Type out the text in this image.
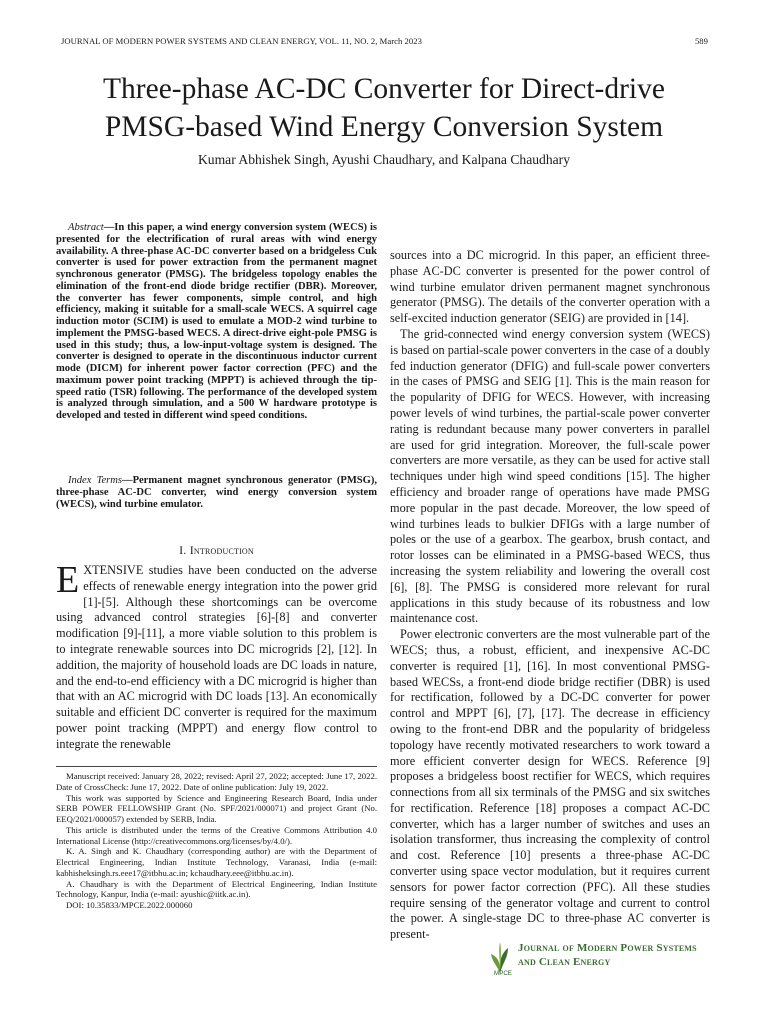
JOURNAL OF MODERN POWER SYSTEMS AND CLEAN ENERGY, VOL. 11, NO. 2, March 2023	589
Three-phase AC-DC Converter for Direct-drive
PMSG-based Wind Energy Conversion System
Kumar Abhishek Singh, Ayushi Chaudhary, and Kalpana Chaudhary
Abstract—In this paper, a wind energy conversion system (WECS) is presented for the electrification of rural areas with wind energy availability. A three-phase AC-DC converter based on a bridgeless Cuk converter is used for power extraction from the permanent magnet synchronous generator (PMSG). The bridgeless topology enables the elimination of the front-end diode bridge rectifier (DBR). Moreover, the converter has fewer components, simple control, and high efficiency, making it suitable for a small-scale WECS. A squirrel cage induction motor (SCIM) is used to emulate a MOD-2 wind turbine to implement the PMSG-based WECS. A direct-drive eight-pole PMSG is used in this study; thus, a low-input-voltage system is designed. The converter is designed to operate in the discontinuous inductor current mode (DICM) for inherent power factor correction (PFC) and the maximum power point tracking (MPPT) is achieved through the tip-speed ratio (TSR) following. The performance of the developed system is analyzed through simulation, and a 500 W hardware prototype is developed and tested in different wind speed conditions.
Index Terms—Permanent magnet synchronous generator (PMSG), three-phase AC-DC converter, wind energy conversion system (WECS), wind turbine emulator.
I. Introduction
EXTENSIVE studies have been conducted on the adverse effects of renewable energy integration into the power grid [1]-[5]. Although these shortcomings can be overcome using advanced control strategies [6]-[8] and converter modification [9]-[11], a more viable solution to this problem is to integrate renewable sources into DC microgrids [2], [12]. In addition, the majority of household loads are DC loads in nature, and the end-to-end efficiency with a DC microgrid is higher than that with an AC microgrid with DC loads [13]. An economically suitable and efficient DC converter is required for the maximum power point tracking (MPPT) and energy flow control to integrate the renewable

Manuscript received: January 28, 2022; revised: April 27, 2022; accepted: June 17, 2022. Date of CrossCheck: June 17, 2022. Date of online publication: July 19, 2022.

This work was supported by Science and Engineering Research Board, India under SERB POWER FELLOWSHIP Grant (No. SPF/2021/000071) and project Grant (No. EEQ/2021/000057) extended by SERB, India.

This article is distributed under the terms of the Creative Commons Attribution 4.0 International License (http://creativecommons.org/licenses/by/4.0/).

K. A. Singh and K. Chaudhary (corresponding author) are with the Department of Electrical Engineering, Indian Institute Technology, Varanasi, India (e-mail: kabhisheksingh.rs.eee17@itbhu.ac.in; kchaudhary.eee@itbhu.ac.in).

A. Chaudhary is with the Department of Electrical Engineering, Indian Institute Technology, Kanpur, India (e-mail: ayushic@iitk.ac.in).

DOI: 10.35833/MPCE.2022.000060

sources into a DC microgrid. In this paper, an efficient three-phase AC-DC converter is presented for the power control of wind turbine emulator driven permanent magnet synchronous generator (PMSG). The details of the converter operation with a self-excited induction generator (SEIG) are provided in [14].

The grid-connected wind energy conversion system (WECS) is based on partial-scale power converters in the case of a doubly fed induction generator (DFIG) and full-scale power converters in the cases of PMSG and SEIG [1]. This is the main reason for the popularity of DFIG for WECS. However, with increasing power levels of wind turbines, the partial-scale power converter rating is redundant because many power converters in parallel are used for grid integration. Moreover, the full-scale power converters are more versatile, as they can be used for active stall techniques under high wind speed conditions [15]. The higher efficiency and broader range of operations have made PMSG more popular in the past decade. Moreover, the low speed of wind turbines leads to bulkier DFIGs with a large number of poles or the use of a gearbox. The gearbox, brush contact, and rotor losses can be eliminated in a PMSG-based WECS, thus increasing the system reliability and lowering the overall cost [6], [8]. The PMSG is considered more relevant for rural applications in this study because of its robustness and low maintenance cost.

Power electronic converters are the most vulnerable part of the WECS; thus, a robust, efficient, and inexpensive AC-DC converter is required [1], [16]. In most conventional PMSG-based WECSs, a front-end diode bridge rectifier (DBR) is used for rectification, followed by a DC-DC converter for power control and MPPT [6], [7], [17]. The decrease in efficiency owing to the front-end DBR and the popularity of bridgeless topology have recently motivated researchers to work toward a more efficient converter design for WECS. Reference [9] proposes a bridgeless boost rectifier for WECS, which requires connections from all six terminals of the PMSG and six switches for rectification. Reference [18] proposes a compact AC-DC converter, which has a larger number of switches and uses an isolation transformer, thus increasing the complexity of control and cost. Reference [10] presents a three-phase AC-DC converter using space vector modulation, but it requires current sensors for power factor correction (PFC). All these studies require sensing of the generator voltage and current to control the power. A single-stage DC to three-phase AC converter is present-

MPCE
Journal of Modern Power Systems
and Clean Energy
